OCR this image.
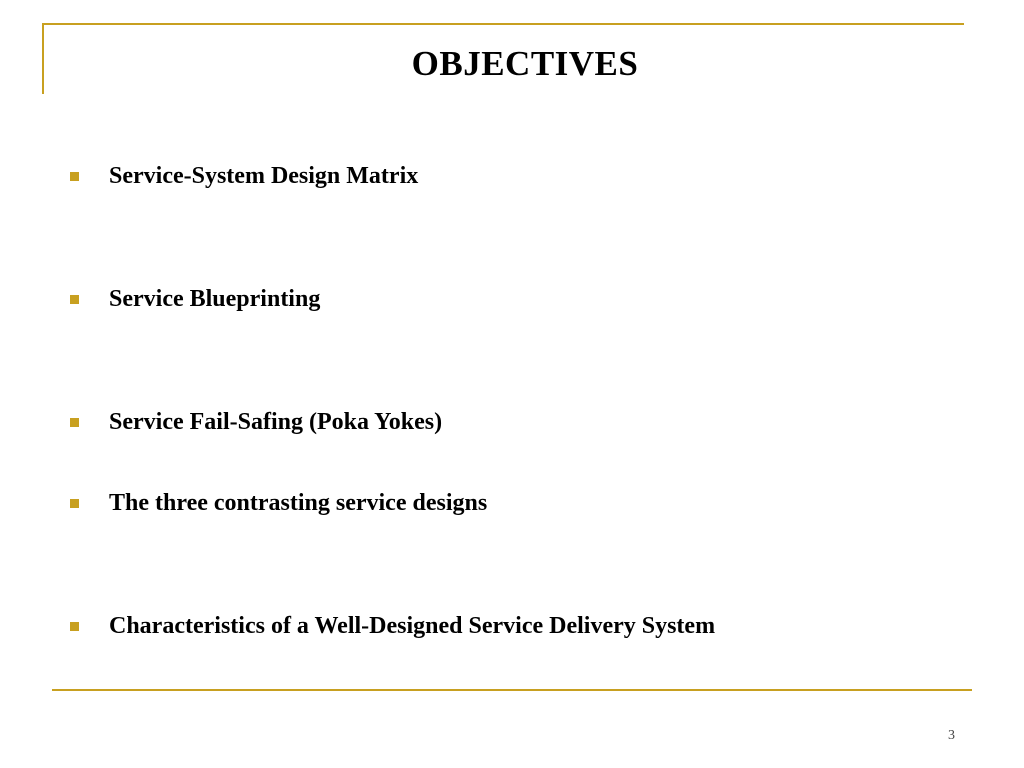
OBJECTIVES
Service-System Design Matrix
Service Blueprinting
Service Fail-Safing (Poka Yokes)
The three contrasting service designs
Characteristics of a Well-Designed Service Delivery System
3
